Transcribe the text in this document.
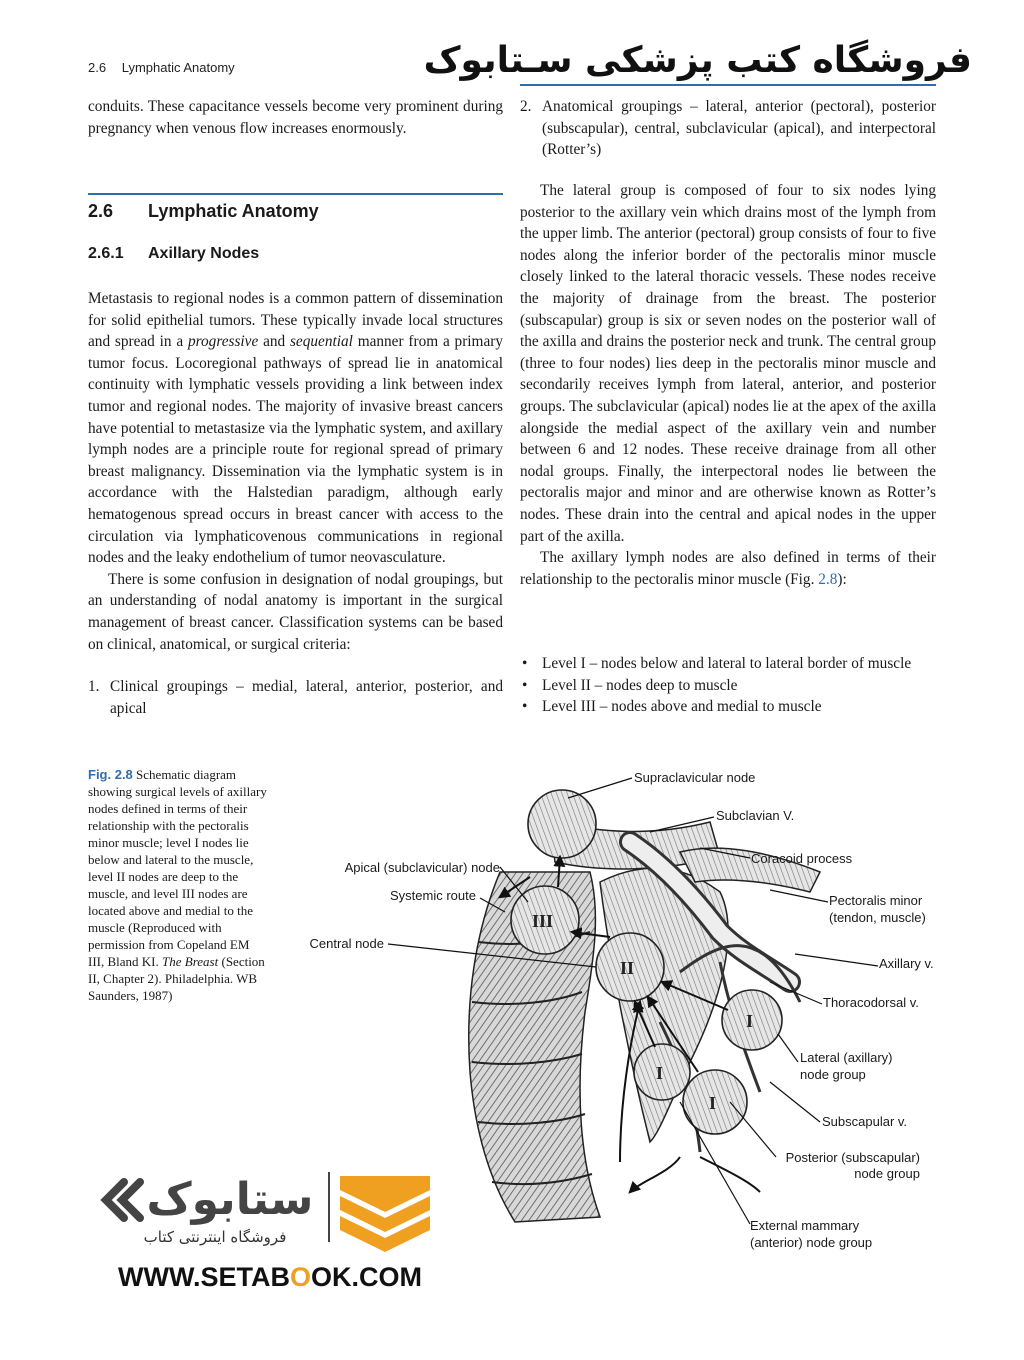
2.6 Lymphatic Anatomy	فروشگاه کتب پزشکی سـتابوک

conduits. These capacitance vessels become very prominent during pregnancy when venous flow increases enormously.

2.6 Lymphatic Anatomy
2.6.1 Axillary Nodes

Metastasis to regional nodes is a common pattern of dissemination for solid epithelial tumors. These typically invade local structures and spread in a progressive and sequential manner from a primary tumor focus. Locoregional pathways of spread lie in anatomical continuity with lymphatic vessels providing a link between index tumor and regional nodes. The majority of invasive breast cancers have potential to metastasize via the lymphatic system, and axillary lymph nodes are a principle route for regional spread of primary breast malignancy. Dissemination via the lymphatic system is in accordance with the Halstedian paradigm, although early hematogenous spread occurs in breast cancer with access to the circulation via lymphaticovenous communications in regional nodes and the leaky endothelium of tumor neovasculature.

There is some confusion in designation of nodal groupings, but an understanding of nodal anatomy is important in the surgical management of breast cancer. Classification systems can be based on clinical, anatomical, or surgical criteria:

1. Clinical groupings – medial, lateral, anterior, posterior, and apical
2. Anatomical groupings – lateral, anterior (pectoral), posterior (subscapular), central, subclavicular (apical), and interpectoral (Rotter’s)

The lateral group is composed of four to six nodes lying posterior to the axillary vein which drains most of the lymph from the upper limb. The anterior (pectoral) group consists of four to five nodes along the inferior border of the pectoralis minor muscle closely linked to the lateral thoracic vessels. These nodes receive the majority of drainage from the breast. The posterior (subscapular) group is six or seven nodes on the posterior wall of the axilla and drains the posterior neck and trunk. The central group (three to four nodes) lies deep in the pectoralis minor muscle and secondarily receives lymph from lateral, anterior, and posterior groups. The subclavicular (apical) nodes lie at the apex of the axilla alongside the medial aspect of the axillary vein and number between 6 and 12 nodes. These receive drainage from all other nodal groups. Finally, the interpectoral nodes lie between the pectoralis major and minor and are otherwise known as Rotter’s nodes. These drain into the central and apical nodes in the upper part of the axilla.

The axillary lymph nodes are also defined in terms of their relationship to the pectoralis minor muscle (Fig. 2.8):

• Level I – nodes below and lateral to lateral border of muscle
• Level II – nodes deep to muscle
• Level III – nodes above and medial to muscle
Fig. 2.8 Schematic diagram showing surgical levels of axillary nodes defined in terms of their relationship with the pectoralis minor muscle; level I nodes lie below and lateral to the muscle, level II nodes are deep to the muscle, and level III nodes are located above and medial to the muscle (Reproduced with permission from Copeland EM III, Bland KI. The Breast (Section II, Chapter 2). Philadelphia. WB Saunders, 1987)
III
II
I
I
I
Supraclavicular node
Subclavian V.
Coracoid process
Pectoralis minor
(tendon, muscle)
Axillary v.
Thoracodorsal v.
Lateral (axillary)
node group
Subscapular v.
Posterior (subscapular)
node group
External mammary
(anterior) node group
Apical (subclavicular) node
Systemic route
Central node
ستابوک
فروشگاه اینترنتی کتاب
WWW.SETABOOK.COM
